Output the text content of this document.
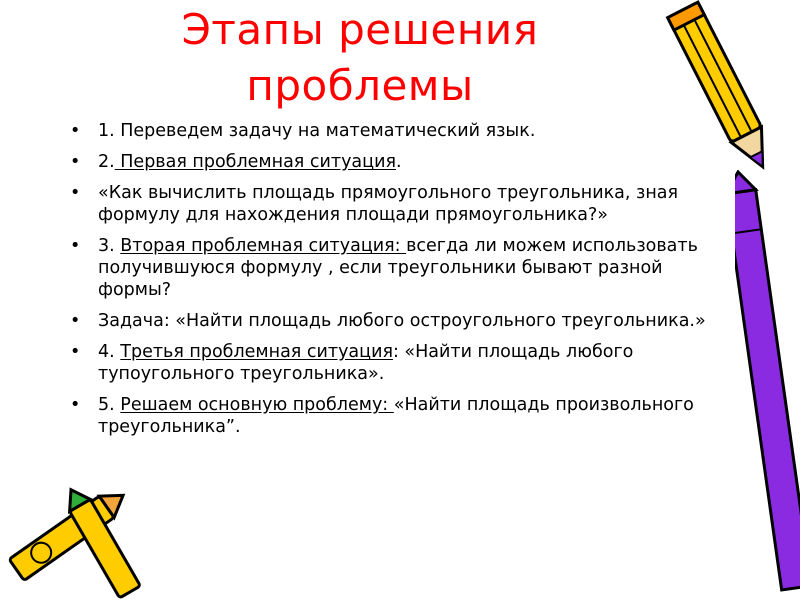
Этапы решения
проблемы
•	1. Переведем задачу на математический язык.
•	2. Первая проблемная ситуация.
•	«Как вычислить площадь прямоугольного треугольника, зная формулу для нахождения площади прямоугольника?»
•	3. Вторая проблемная ситуация: всегда ли можем использовать получившуюся формулу , если треугольники бывают разной формы?
•	Задача: «Найти площадь любого остроугольного треугольника.»
•	4. Третья проблемная ситуация: «Найти площадь любого тупоугольного треугольника».
•	5. Решаем основную проблему: «Найти площадь произвольного треугольника”.
